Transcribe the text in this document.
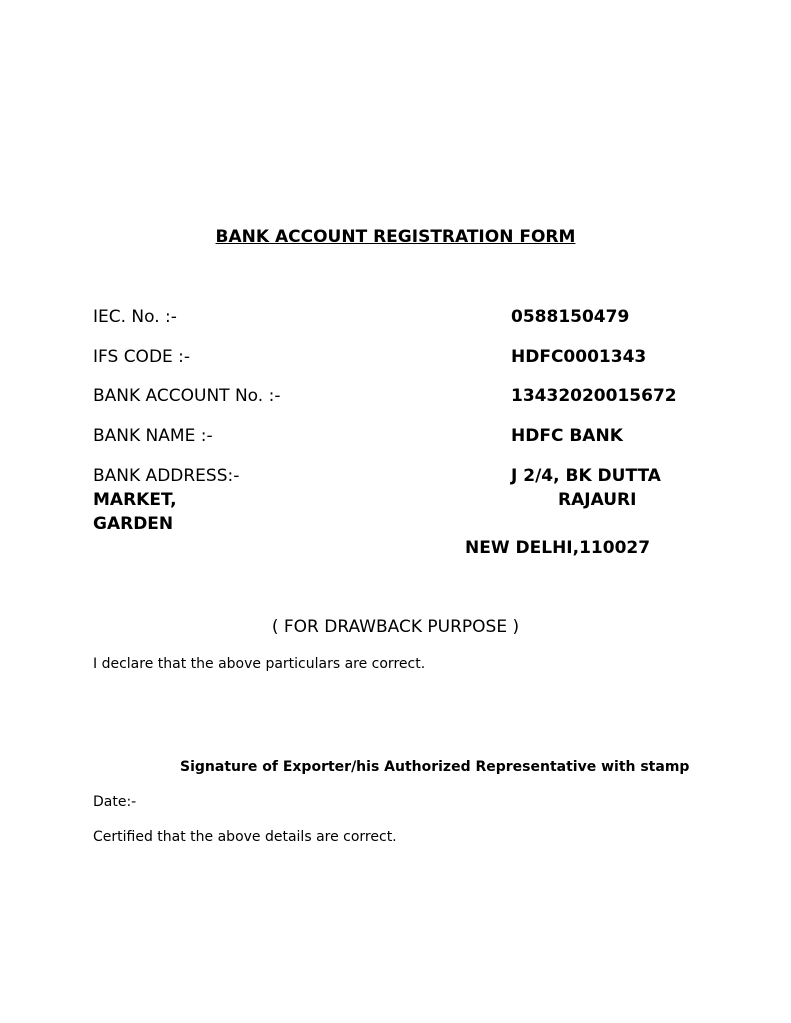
BANK ACCOUNT REGISTRATION FORM
IEC. No. :-	0588150479
IFS CODE :-	HDFC0001343
BANK ACCOUNT No. :-	13432020015672
BANK NAME :-	HDFC BANK
BANK ADDRESS:-	J 2/4, BK DUTTA
MARKET,	RAJAURI
GARDEN
NEW DELHI,110027
( FOR DRAWBACK PURPOSE )
I declare that the above particulars are correct.
Signature of Exporter/his Authorized Representative with stamp
Date:-
Certified that the above details are correct.
